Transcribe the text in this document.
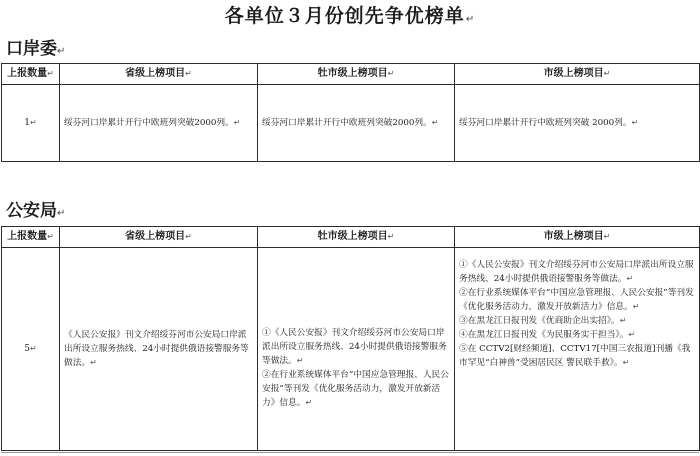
各单位３月份创先争优榜单↵
口岸委↵
上报数量↵	省级上榜项目↵	牡市级上榜项目↵	市级上榜项目↵
1↵	绥芬河口岸累计开行中欧班列突破2000列。↵	绥芬河口岸累计开行中欧班列突破2000列。↵	绥芬河口岸累计开行中欧班列突破 2000列。↵
公安局↵
上报数量↵	省级上榜项目↵	牡市级上榜项目↵	市级上榜项目↵
5↵	《人民公安报》刊文介绍绥芬河市公安局口岸派出所设立服务热线、24小时提供俄语接警服务等做法。↵	①《人民公安报》刊文介绍绥芬河市公安局口岸派出所设立服务热线、24小时提供俄语接警服务等做法。↵
②在行业系统媒体平台“中国应急管理报、人民公安报”等刊发《优化服务活动力，激发开放新活力》信息。↵	①《人民公安报》刊文介绍绥芬河市公安局口岸派出所设立服务热线、24小时提供俄语接警服务等做法。↵
②在行业系统媒体平台“中国应急管理报、人民公安报”等刊发《优化服务活动力，激发开放新活力》信息。↵
③在黑龙江日报刊发《优商助企出实招》。↵
④在黑龙江日报刊发《为民服务实干担当》。↵
⑤在 CCTV2[财经频道]、CCTV17[中国三农报道]刊播《我市罕见“白神兽”受困居民区 警民联手救》。↵
